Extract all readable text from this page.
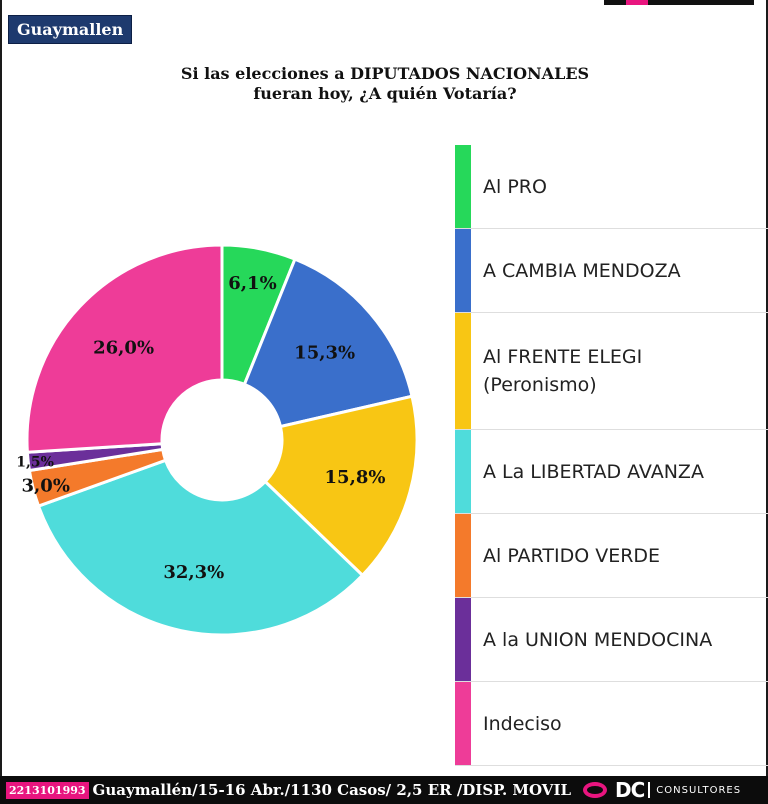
Guaymallen
Si las elecciones a DIPUTADOS NACIONALES
fueran hoy, ¿A quién Votaría?
6,1%
15,3%
15,8%
32,3%
3,0%
1,5%
26,0%
Al PRO
A CAMBIA MENDOZA
Al FRENTE ELEGI
(Peronismo)
A La LIBERTAD AVANZA
Al PARTIDO VERDE
A la UNION MENDOCINA
Indeciso
2213101993 Guaymallén/15-16 Abr./1130 Casos/ 2,5 ER /DISP. MOVIL DC CONSULTORES
